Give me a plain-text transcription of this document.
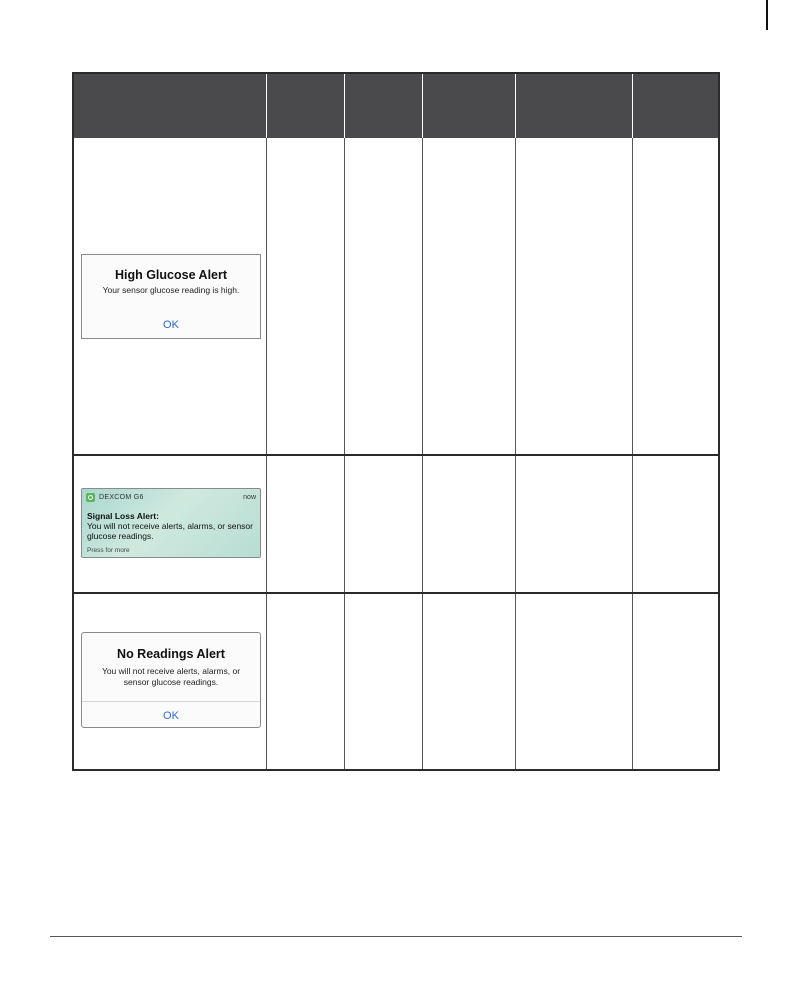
High Glucose Alert
Your sensor glucose reading is high.
OK
DEXCOM G6	now
Signal Loss Alert:
You will not receive alerts, alarms, or sensor glucose readings.
Press for more
No Readings Alert
You will not receive alerts, alarms, or sensor glucose readings.
OK
